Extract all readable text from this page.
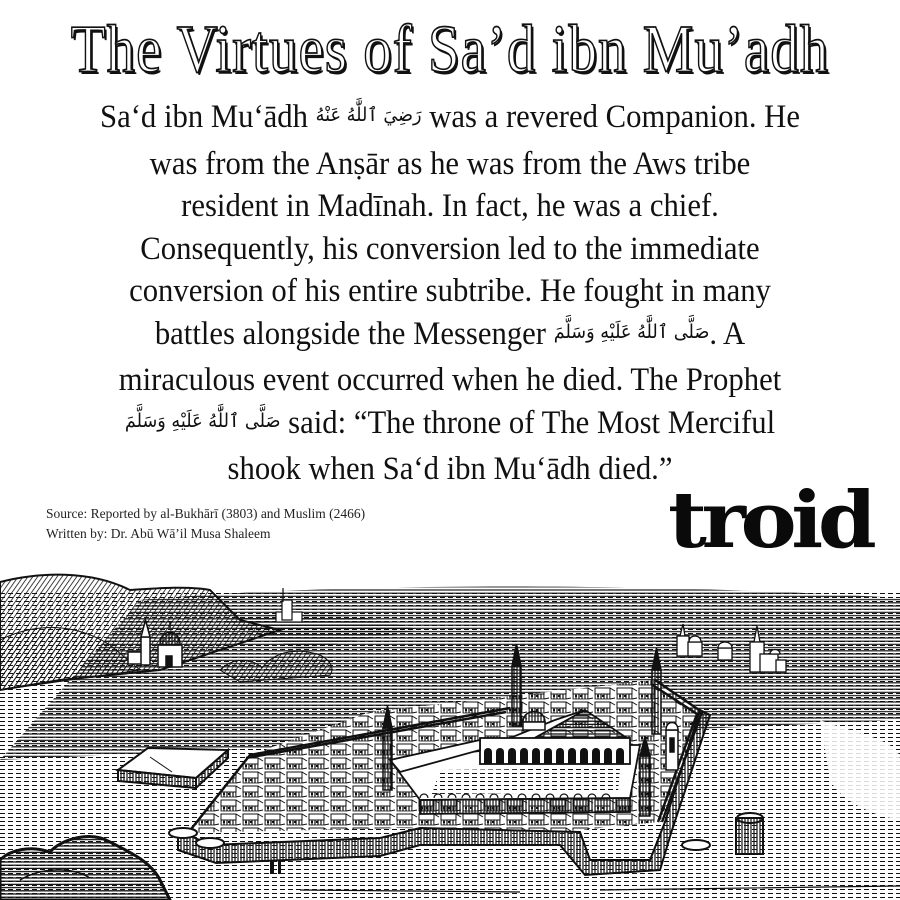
The Virtues of Sa’d ibn Mu’adh
Sa‘d ibn Mu‘ādh رَضِيَ ٱللَّٰهُ عَنْهُ was a revered Companion. He
was from the Anṣār as he was from the Aws tribe
resident in Madīnah. In fact, he was a chief.
Consequently, his conversion led to the immediate
conversion of his entire subtribe. He fought in many
battles alongside the Messenger صَلَّى ٱللَّٰهُ عَلَيْهِ وَسَلَّمَ. A
miraculous event occurred when he died. The Prophet
صَلَّى ٱللَّٰهُ عَلَيْهِ وَسَلَّمَ said: “The throne of The Most Merciful
shook when Sa‘d ibn Mu‘ādh died.”
Source: Reported by al-Bukhārī (3803) and Muslim (2466)
Written by: Dr. Abū Wā’il Musa Shaleem	troid
